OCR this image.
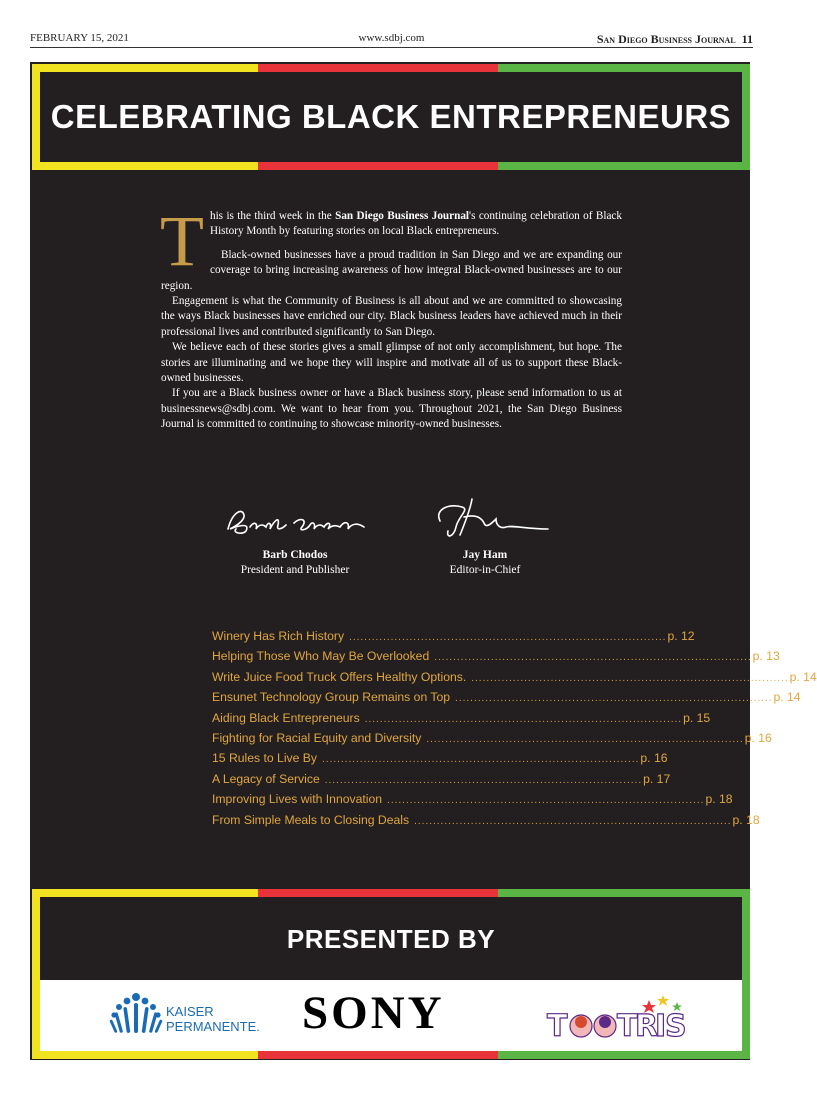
FEBRUARY 15, 2021	www.sdbj.com	San Diego Business Journal 11
CELEBRATING BLACK ENTREPRENEURS

This is the third week in the San Diego Business Journal's continuing celebration of Black History Month by featuring stories on local Black entrepreneurs.

Black-owned businesses have a proud tradition in San Diego and we are expanding our coverage to bring increasing awareness of how integral Black-owned businesses are to our region.

Engagement is what the Community of Business is all about and we are committed to showcasing the ways Black businesses have enriched our city. Black business leaders have achieved much in their professional lives and contributed significantly to San Diego.

We believe each of these stories gives a small glimpse of not only accomplishment, but hope. The stories are illuminating and we hope they will inspire and motivate all of us to support these Black-owned businesses.

If you are a Black business owner or have a Black business story, please send information to us at businessnews@sdbj.com. We want to hear from you. Throughout 2021, the San Diego Business Journal is committed to continuing to showcase minority-owned businesses.

Barb Chodos
President and Publisher
Jay Ham
Editor-in-Chief
Winery Has Rich History .................................................................................... p. 12
Helping Those Who May Be Overlooked .................................................................................... p. 13
Write Juice Food Truck Offers Healthy Options. .................................................................................... p. 14
Ensunet Technology Group Remains on Top .................................................................................... p. 14
Aiding Black Entrepreneurs .................................................................................... p. 15
Fighting for Racial Equity and Diversity .................................................................................... p. 16
15 Rules to Live By .................................................................................... p. 16
A Legacy of Service .................................................................................... p. 17
Improving Lives with Innovation .................................................................................... p. 18
From Simple Meals to Closing Deals .................................................................................... p. 18
PRESENTED BY
KAISER
PERMANENTE. SONY	T T
R
I
S
TOOTRIS
